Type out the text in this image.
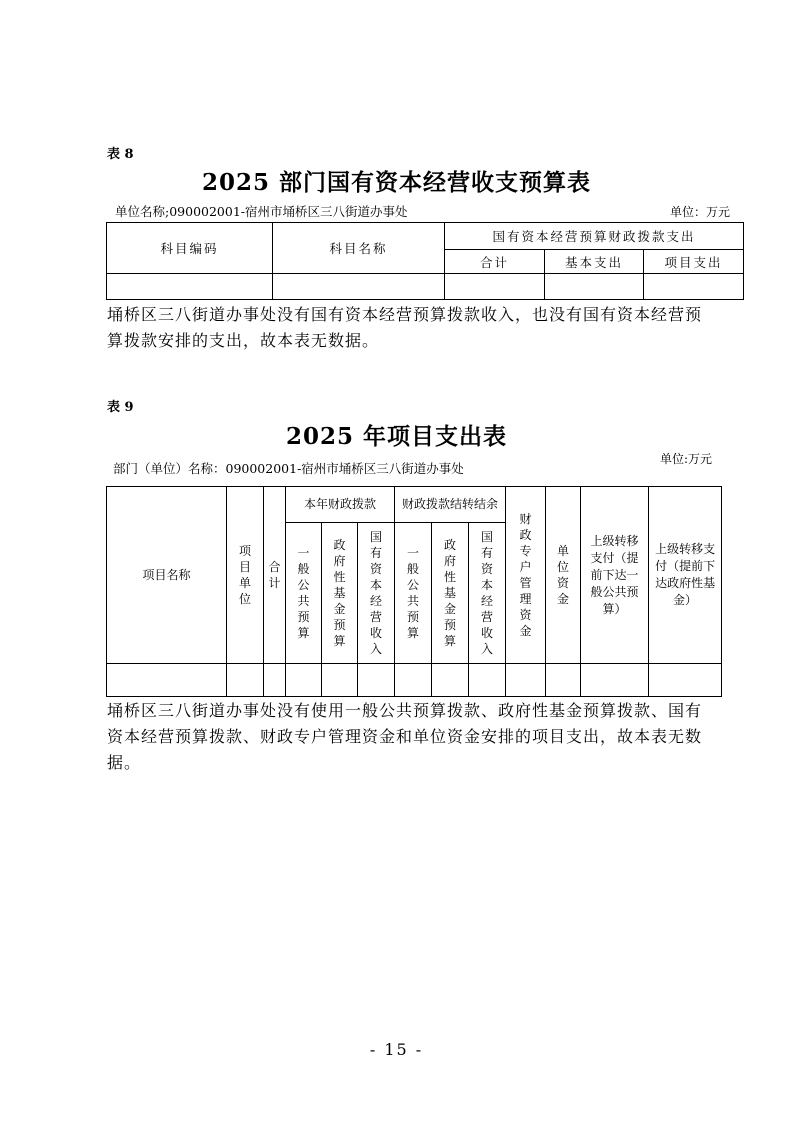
表 8
2025 部门国有资本经营收支预算表
单位名称;090002001-宿州市埇桥区三八街道办事处	单位：万元
科目编码	科目名称	国有资本经营预算财政拨款支出		
		合计	基本支出	项目支出

埇桥区三八街道办事处没有国有资本经营预算拨款收入，也没有国有资本经营预算拨款安排的支出，故本表无数据。
表 9
2025 年项目支出表
部门（单位）名称：090002001-宿州市埇桥区三八街道办事处
单位:万元
项目名称	项目单位	合计	本年财政拨款			财政拨款结转结余			财政专户管理资金	单位资金	上级转移支付（提前下达一般公共预算）	上级转移支付（提前下达政府性基金）
			一般公共预算	政府性基金预算	国有资本经营收入	一般公共预算	政府性基金预算	国有资本经营收入				

埇桥区三八街道办事处没有使用一般公共预算拨款、政府性基金预算拨款、国有资本经营预算拨款、财政专户管理资金和单位资金安排的项目支出，故本表无数据。
- 15 -
